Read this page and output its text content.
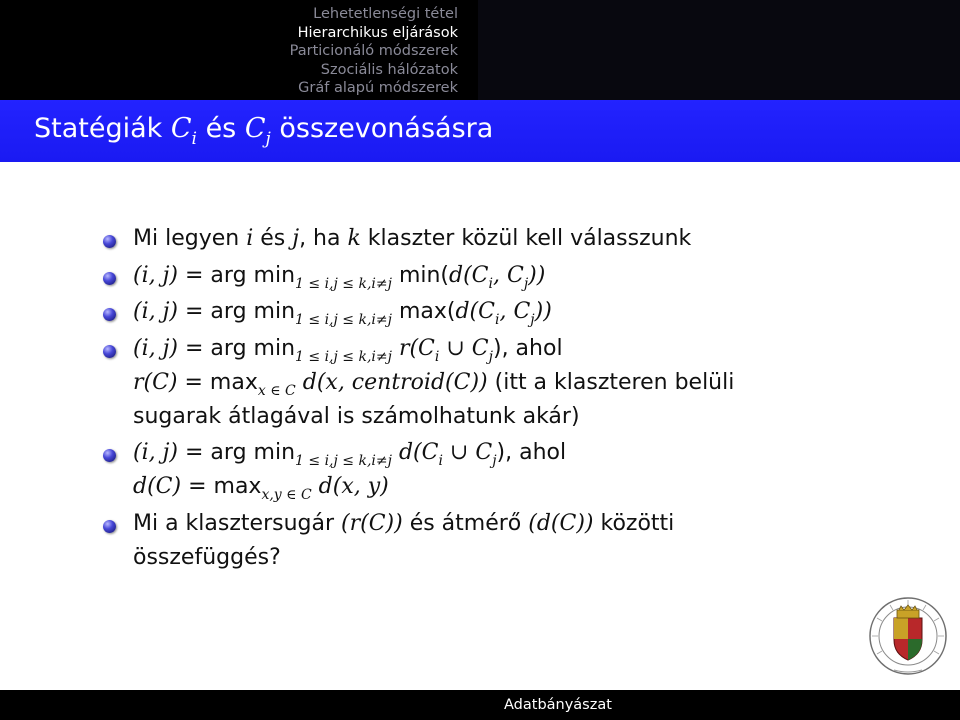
Lehetetlenségi tétel
Hierarchikus eljárások
Particionáló módszerek
Szociális hálózatok
Gráf alapú módszerek
Statégiák $C_i$ és $C_j$ összevonásásra
Mi legyen i és j, ha k klaszter közül kell válasszunk
(i, j) = arg $\min_{1 \le i,j \le k,i\ne j} \min(d(C_i$, $C_j$))
(i, j) = arg $\min_{1 \le i,j \le k,i\ne j} \max(d(C_i$, $C_j$))
(i, j) = arg $\min_{1 \le i,j \le k,i\ne j} r(C_i$ ∪ $C_j$), ahol
$r(C) = \max_{x \in C} d(x$, centroid(C)) (itt a klaszteren belüli
sugarak átlagával is számolhatunk akár)
(i, j) = arg $\min_{1 \le i,j \le k,i\ne j} d(C_i$ ∪ $C_j$), ahol
$d(C) = \max_{x,y \in C} d(x$, y)
Mi a klasztersugár (r(C)) és átmérő (d(C)) közötti
összefüggés?
Adatbányászat
